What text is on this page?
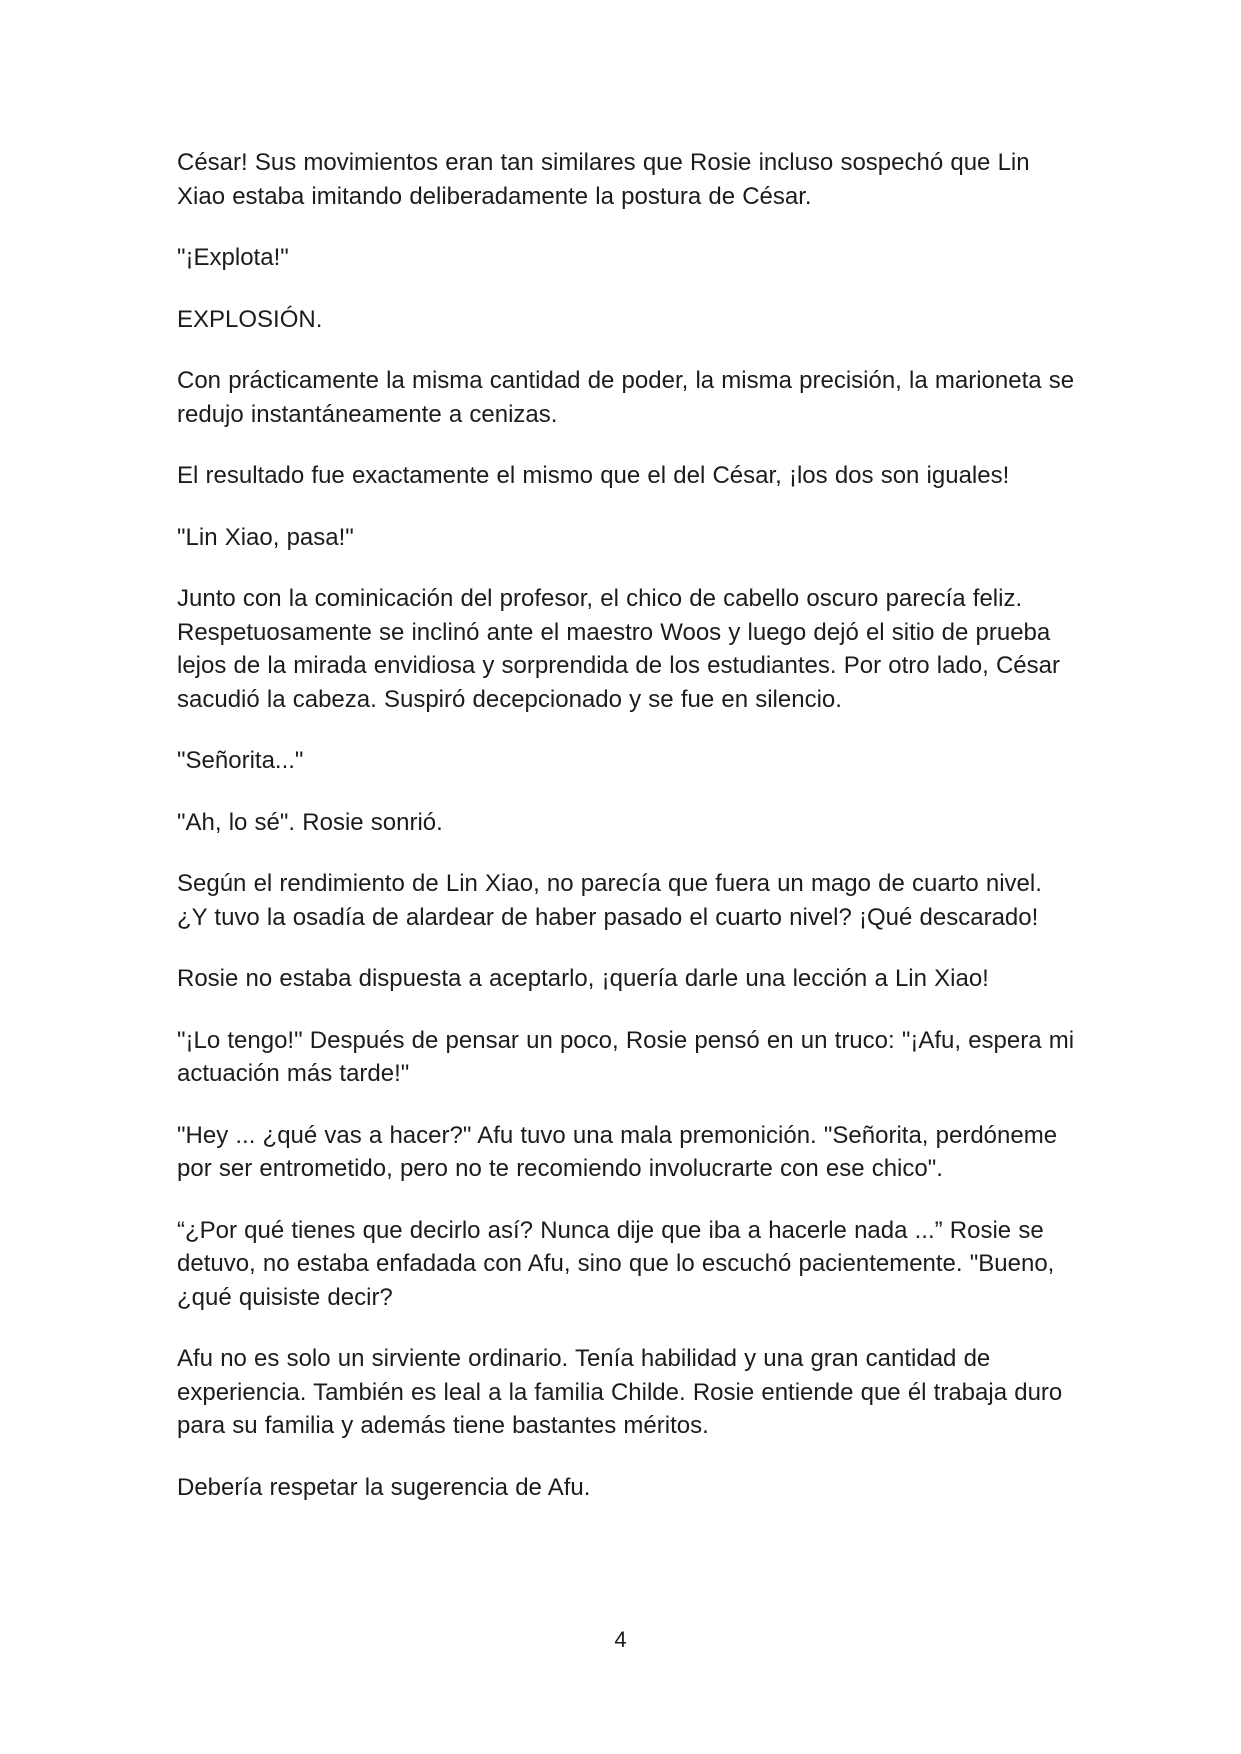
César! Sus movimientos eran tan similares que Rosie incluso sospechó que Lin Xiao estaba imitando deliberadamente la postura de César.

"¡Explota!"

EXPLOSIÓN.

Con prácticamente la misma cantidad de poder, la misma precisión, la marioneta se redujo instantáneamente a cenizas.

El resultado fue exactamente el mismo que el del César, ¡los dos son iguales!

"Lin Xiao, pasa!"

Junto con la cominicación del profesor, el chico de cabello oscuro parecía feliz. Respetuosamente se inclinó ante el maestro Woos y luego dejó el sitio de prueba lejos de la mirada envidiosa y sorprendida de los estudiantes. Por otro lado, César sacudió la cabeza. Suspiró decepcionado y se fue en silencio.

"Señorita..."

"Ah, lo sé". Rosie sonrió.

Según el rendimiento de Lin Xiao, no parecía que fuera un mago de cuarto nivel. ¿Y tuvo la osadía de alardear de haber pasado el cuarto nivel? ¡Qué descarado!

Rosie no estaba dispuesta a aceptarlo, ¡quería darle una lección a Lin Xiao!

"¡Lo tengo!" Después de pensar un poco, Rosie pensó en un truco: "¡Afu, espera mi actuación más tarde!"

"Hey ... ¿qué vas a hacer?" Afu tuvo una mala premonición. "Señorita, perdóneme por ser entrometido, pero no te recomiendo involucrarte con ese chico".

“¿Por qué tienes que decirlo así? Nunca dije que iba a hacerle nada ...” Rosie se detuvo, no estaba enfadada con Afu, sino que lo escuchó pacientemente. "Bueno, ¿qué quisiste decir?

Afu no es solo un sirviente ordinario. Tenía habilidad y una gran cantidad de experiencia. También es leal a la familia Childe. Rosie entiende que él trabaja duro para su familia y además tiene bastantes méritos.

Debería respetar la sugerencia de Afu.

4
